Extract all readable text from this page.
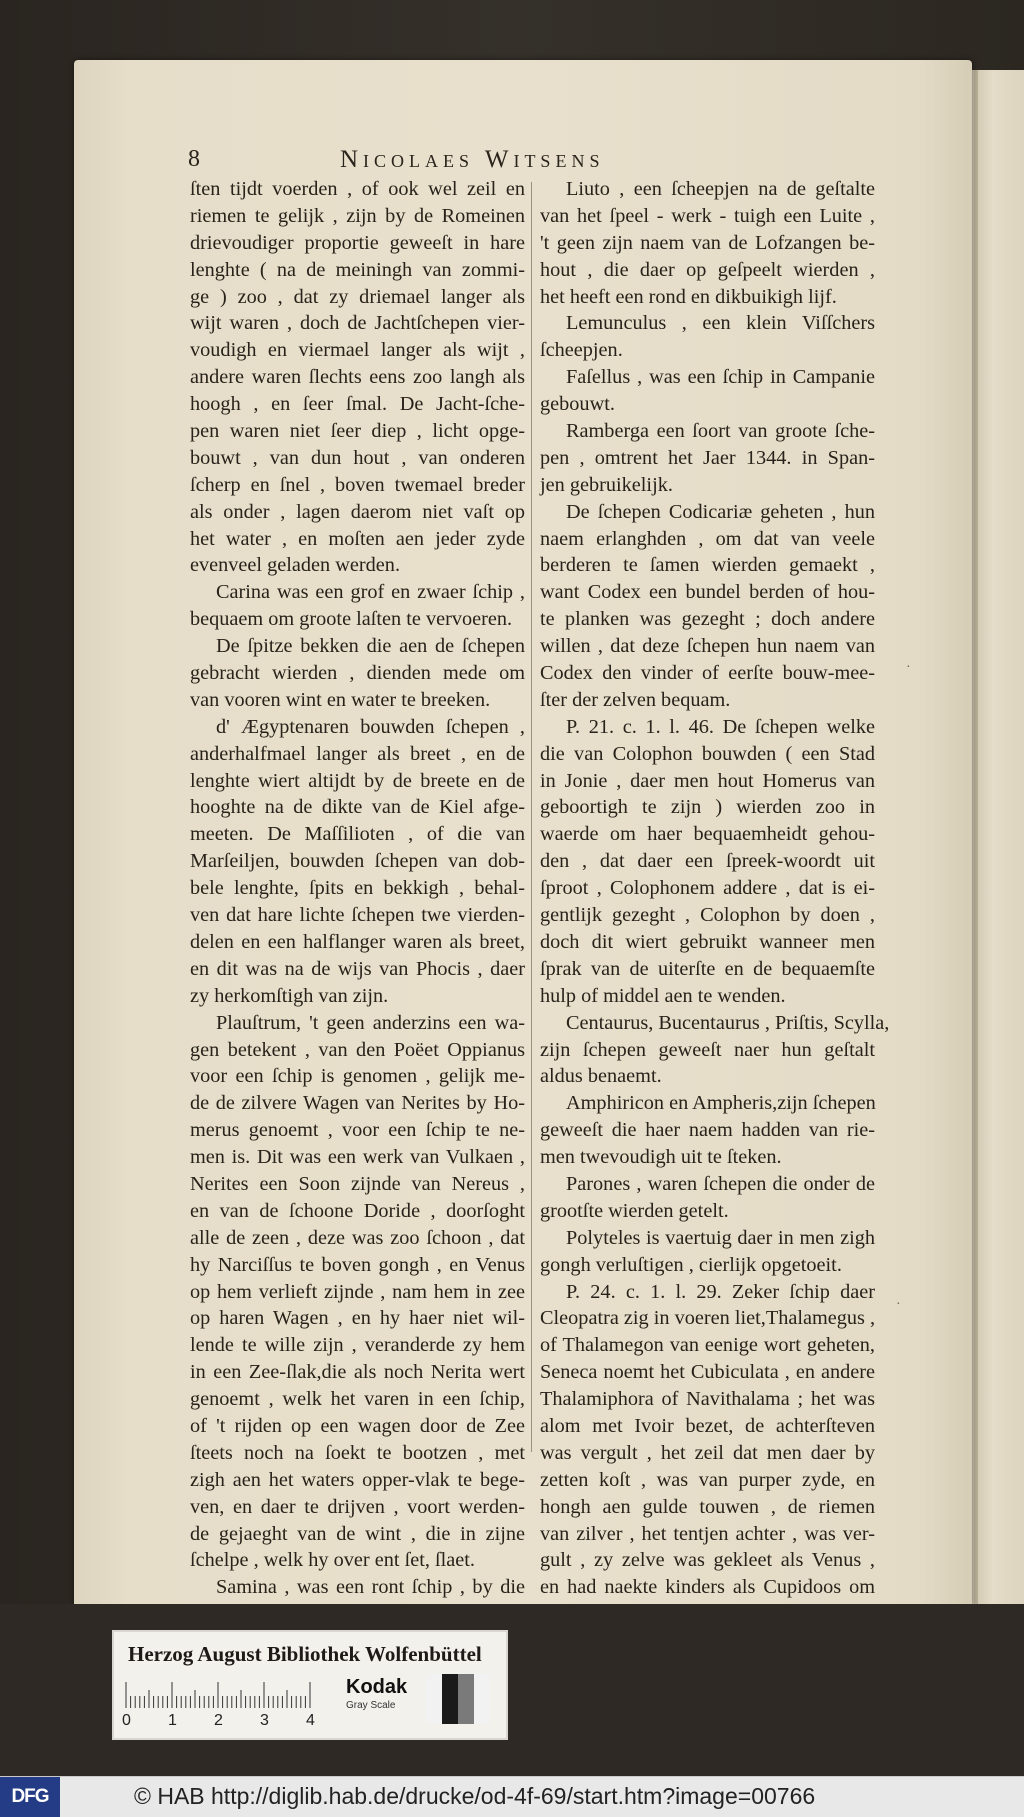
8	Nicolaes Witsens
·
·
ſten tijdt voerden , of ook wel zeil en
riemen te gelijk , zijn by de Romeinen
drievoudiger proportie geweeſt in hare
lenghte ( na de meiningh van zommi-
ge ) zoo , dat zy driemael langer als
wijt waren , doch de Jachtſchepen vier-
voudigh en viermael langer als wijt ,
andere waren ſlechts eens zoo langh als
hoogh , en ſeer ſmal. De Jacht-ſche-
pen waren niet ſeer diep , licht opge-
bouwt , van dun hout , van onderen
ſcherp en ſnel , boven twemael breder
als onder , lagen daerom niet vaſt op
het water , en moſten aen jeder zyde
evenveel geladen werden.
Carina was een grof en zwaer ſchip ,
bequaem om groote laſten te vervoeren.
De ſpitze bekken die aen de ſchepen
gebracht wierden , dienden mede om
van vooren wint en water te breeken.
d' Ægyptenaren bouwden ſchepen ,
anderhalfmael langer als breet , en de
lenghte wiert altijdt by de breete en de
hooghte na de dikte van de Kiel afge-
meeten. De Maſſilioten , of die van
Marſeiljen, bouwden ſchepen van dob-
bele lenghte, ſpits en bekkigh , behal-
ven dat hare lichte ſchepen twe vierden-
delen en een halflanger waren als breet,
en dit was na de wijs van Phocis , daer
zy herkomſtigh van zijn.
Plauſtrum, 't geen anderzins een wa-
gen betekent , van den Poëet Oppianus
voor een ſchip is genomen , gelijk me-
de de zilvere Wagen van Nerites by Ho-
merus genoemt , voor een ſchip te ne-
men is. Dit was een werk van Vulkaen ,
Nerites een Soon zijnde van Nereus ,
en van de ſchoone Doride , doorſoght
alle de zeen , deze was zoo ſchoon , dat
hy Narciſſus te boven gongh , en Venus
op hem verlieft zijnde , nam hem in zee
op haren Wagen , en hy haer niet wil-
lende te wille zijn , veranderde zy hem
in een Zee-ſlak,die als noch Nerita wert
genoemt , welk het varen in een ſchip,
of 't rijden op een wagen door de Zee
ſteets noch na ſoekt te bootzen , met
zigh aen het waters opper-vlak te bege-
ven, en daer te drijven , voort werden-
de gejaeght van de wint , die in zijne
ſchelpe , welk hy over ent ſet, ſlaet.
Samina , was een ront ſchip , by die
Liuto , een ſcheepjen na de geſtalte
van het ſpeel - werk - tuigh een Luite ,
't geen zijn naem van de Lofzangen be-
hout , die daer op geſpeelt wierden ,
het heeft een rond en dikbuikigh lijf.
Lemunculus , een klein Viſſchers
ſcheepjen.
Faſellus , was een ſchip in Campanie
gebouwt.
Ramberga een ſoort van groote ſche-
pen , omtrent het Jaer 1344. in Span-
jen gebruikelijk.
De ſchepen Codicariæ geheten , hun
naem erlanghden , om dat van veele
berderen te ſamen wierden gemaekt ,
want Codex een bundel berden of hou-
te planken was gezeght ; doch andere
willen , dat deze ſchepen hun naem van
Codex den vinder of eerſte bouw-mee-
ſter der zelven bequam.
P. 21. c. 1. l. 46. De ſchepen welke
die van Colophon bouwden ( een Stad
in Jonie , daer men hout Homerus van
geboortigh te zijn ) wierden zoo in
waerde om haer bequaemheidt gehou-
den , dat daer een ſpreek-woordt uit
ſproot , Colophonem addere , dat is ei-
gentlijk gezeght , Colophon by doen ,
doch dit wiert gebruikt wanneer men
ſprak van de uiterſte en de bequaemſte
hulp of middel aen te wenden.
Centaurus, Bucentaurus , Priſtis, Scylla,
zijn ſchepen geweeſt naer hun geſtalt
aldus benaemt.
Amphiricon en Ampheris,zijn ſchepen
geweeſt die haer naem hadden van rie-
men twevoudigh uit te ſteken.
Parones , waren ſchepen die onder de
grootſte wierden getelt.
Polyteles is vaertuig daer in men zigh
gongh verluſtigen , cierlijk opgetoeit.
P. 24. c. 1. l. 29. Zeker ſchip daer
Cleopatra zig in voeren liet,Thalamegus ,
of Thalamegon van eenige wort geheten,
Seneca noemt het Cubiculata , en andere
Thalamiphora of Navithalama ; het was
alom met Ivoir bezet, de achterſteven
was vergult , het zeil dat men daer by
zetten koſt , was van purper zyde, en
hongh aen gulde touwen , de riemen
van zilver , het tentjen achter , was ver-
gult , zy zelve was gekleet als Venus ,
en had naekte kinders als Cupidoos om
Herzog August Bibliothek Wolfenbüttel
0 1 2 3 4
Kodak
Gray Scale
DFG	© HAB http://diglib.hab.de/drucke/od-4f-69/start.htm?image=00766
